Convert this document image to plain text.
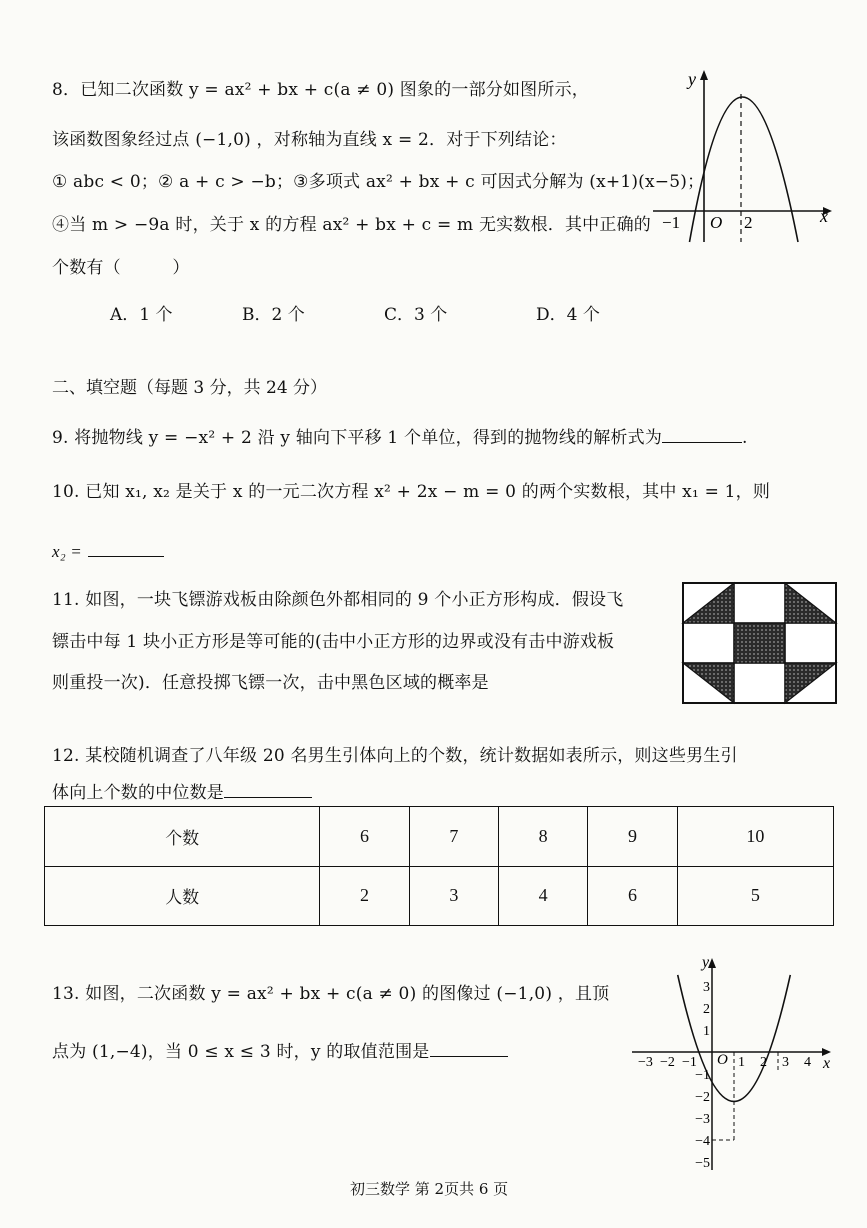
8．已知二次函数 y = ax² + bx + c(a ≠ 0) 图象的一部分如图所示，
该函数图象经过点 (−1,0) ，对称轴为直线 x = 2．对于下列结论：
① abc < 0；② a + c > −b；③多项式 ax² + bx + c 可因式分解为 (x+1)(x−5)；
④当 m > −9a 时，关于 x 的方程 ax² + bx + c = m 无实数根．其中正确的
个数有（　　　）
A．1 个	B．2 个	C．3 个	D．4 个
y
x
−1 O 2
二、填空题（每题 3 分，共 24 分）
9. 将抛物线 y = −x² + 2 沿 y 轴向下平移 1 个单位，得到的抛物线的解析式为	.
10. 已知 x₁, x₂ 是关于 x 的一元二次方程 x² + 2x − m = 0 的两个实数根，其中 x₁ = 1，则
x₂ =
11. 如图，一块飞镖游戏板由除颜色外都相同的 9 个小正方形构成．假设飞
镖击中每 1 块小正方形是等可能的(击中小正方形的边界或没有击中游戏板
则重投一次)．任意投掷飞镖一次，击中黑色区域的概率是
12. 某校随机调查了八年级 20 名男生引体向上的个数，统计数据如表所示，则这些男生引
体向上个数的中位数是
个数	6	7	8	9	10
人数	2	3	4	6	5
13. 如图，二次函数 y = ax² + bx + c(a ≠ 0) 的图像过 (−1,0) ，且顶
点为 (1,−4)，当 0 ≤ x ≤ 3 时，y 的取值范围是
y
x
O
−3 −2 −1	1 2 3 4
3
2
1
−1
−2
−3
−4
−5
初三数学 第 2页共 6 页
